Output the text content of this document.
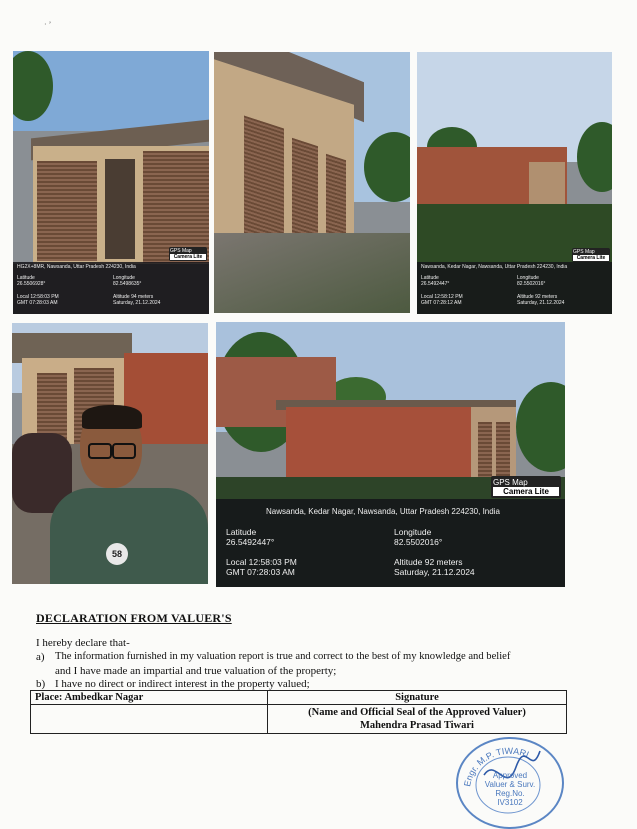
· ’
GPS Map
Camera Lite
HG2X+8MR, Nawsanda, Uttar Pradesh 224230, India
Latitude
26.5506928°
Longitude
82.5498635°
Local 12:58:03 PM
GMT 07:28:03 AM
Altitude 94 meters
Saturday, 21.12.2024
GPS Map
Camera Lite
Nawsanda, Kedar Nagar, Nawsanda, Uttar Pradesh 224230, India
Latitude
26.5492447°
Longitude
82.5502016°
Local 12:58:12 PM
GMT 07:28:12 AM
Altitude 92 meters
Saturday, 21.12.2024
58
GPS Map
Camera Lite
Nawsanda, Kedar Nagar, Nawsanda, Uttar Pradesh 224230, India
Latitude
26.5492447°
Longitude
82.5502016°
Local 12:58:03 PM
GMT 07:28:03 AM
Altitude 92 meters
Saturday, 21.12.2024
DECLARATION FROM VALUER'S
I hereby declare that-
a) The information furnished in my valuation report is true and correct to the best of my knowledge and belief
and I have made an impartial and true valuation of the property;
b) I have no direct or indirect interest in the property valued;
Place: Ambedkar Nagar	Signature
	(Name and Official Seal of the Approved Valuer)
Mahendra Prasad Tiwari
Engr. M.P. TIWARI
Approved
Valuer & Surv.
Reg.No.
IV3102
